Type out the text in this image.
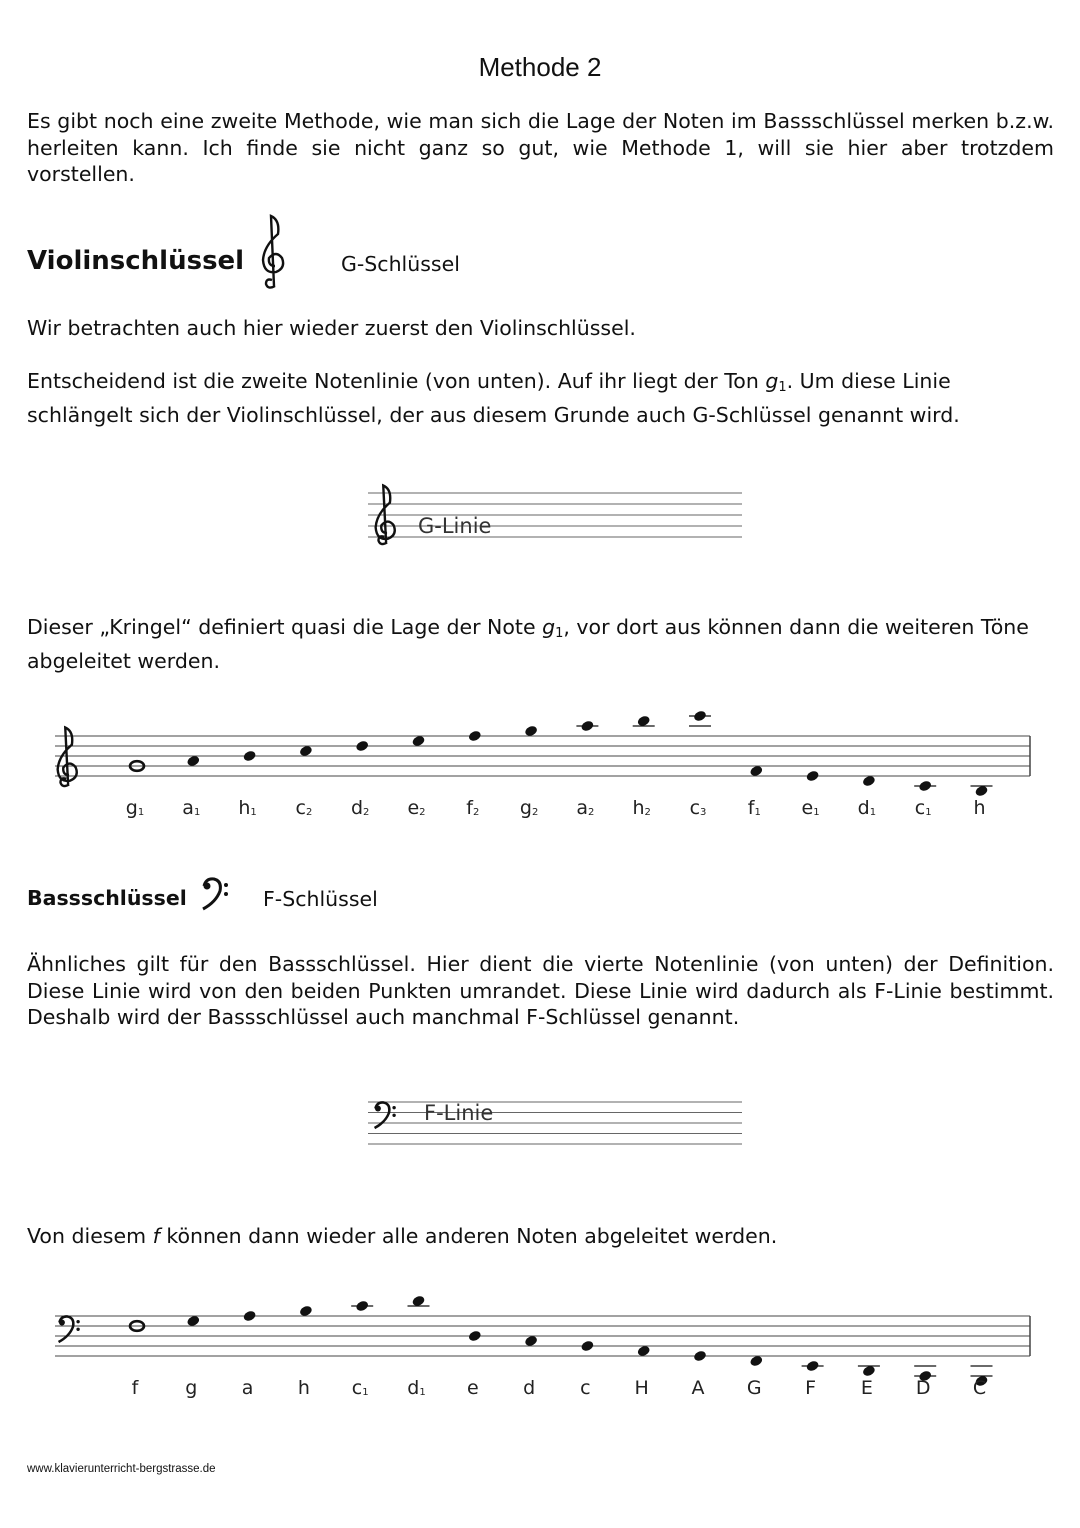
Methode 2
Es gibt noch eine zweite Methode, wie man sich die Lage der Noten im Bassschlüssel merken b.z.w. herleiten kann. Ich finde sie nicht ganz so gut, wie Methode 1, will sie hier aber trotzdem vorstellen.
Violinschlüssel	G-Schlüssel
Wir betrachten auch hier wieder zuerst den Violinschlüssel.
Entscheidend ist die zweite Notenlinie (von unten). Auf ihr liegt der Ton $g_1$. Um diese Linie schlängelt sich der Violinschlüssel, der aus diesem Grunde auch G-Schlüssel genannt wird.
G-Linie
Dieser „Kringel“ definiert quasi die Lage der Note $g_1$, vor dort aus können dann die weiteren Töne abgeleitet werden.
g1 a1 h1 c2 d2 e2 f2 g2 a2 h2 c3 f1 e1 d1 c1 h
Bassschlüssel	F-Schlüssel
Ähnliches gilt für den Bassschlüssel. Hier dient die vierte Notenlinie (von unten) der Definition. Diese Linie wird von den beiden Punkten umrandet. Diese Linie wird dadurch als F-Linie bestimmt. Deshalb wird der Bassschlüssel auch manchmal F-Schlüssel genannt.
F-Linie
Von diesem f können dann wieder alle anderen Noten abgeleitet werden.
f g a h c1 d1 e d c H A G F E D C
www.klavierunterricht-bergstrasse.de
